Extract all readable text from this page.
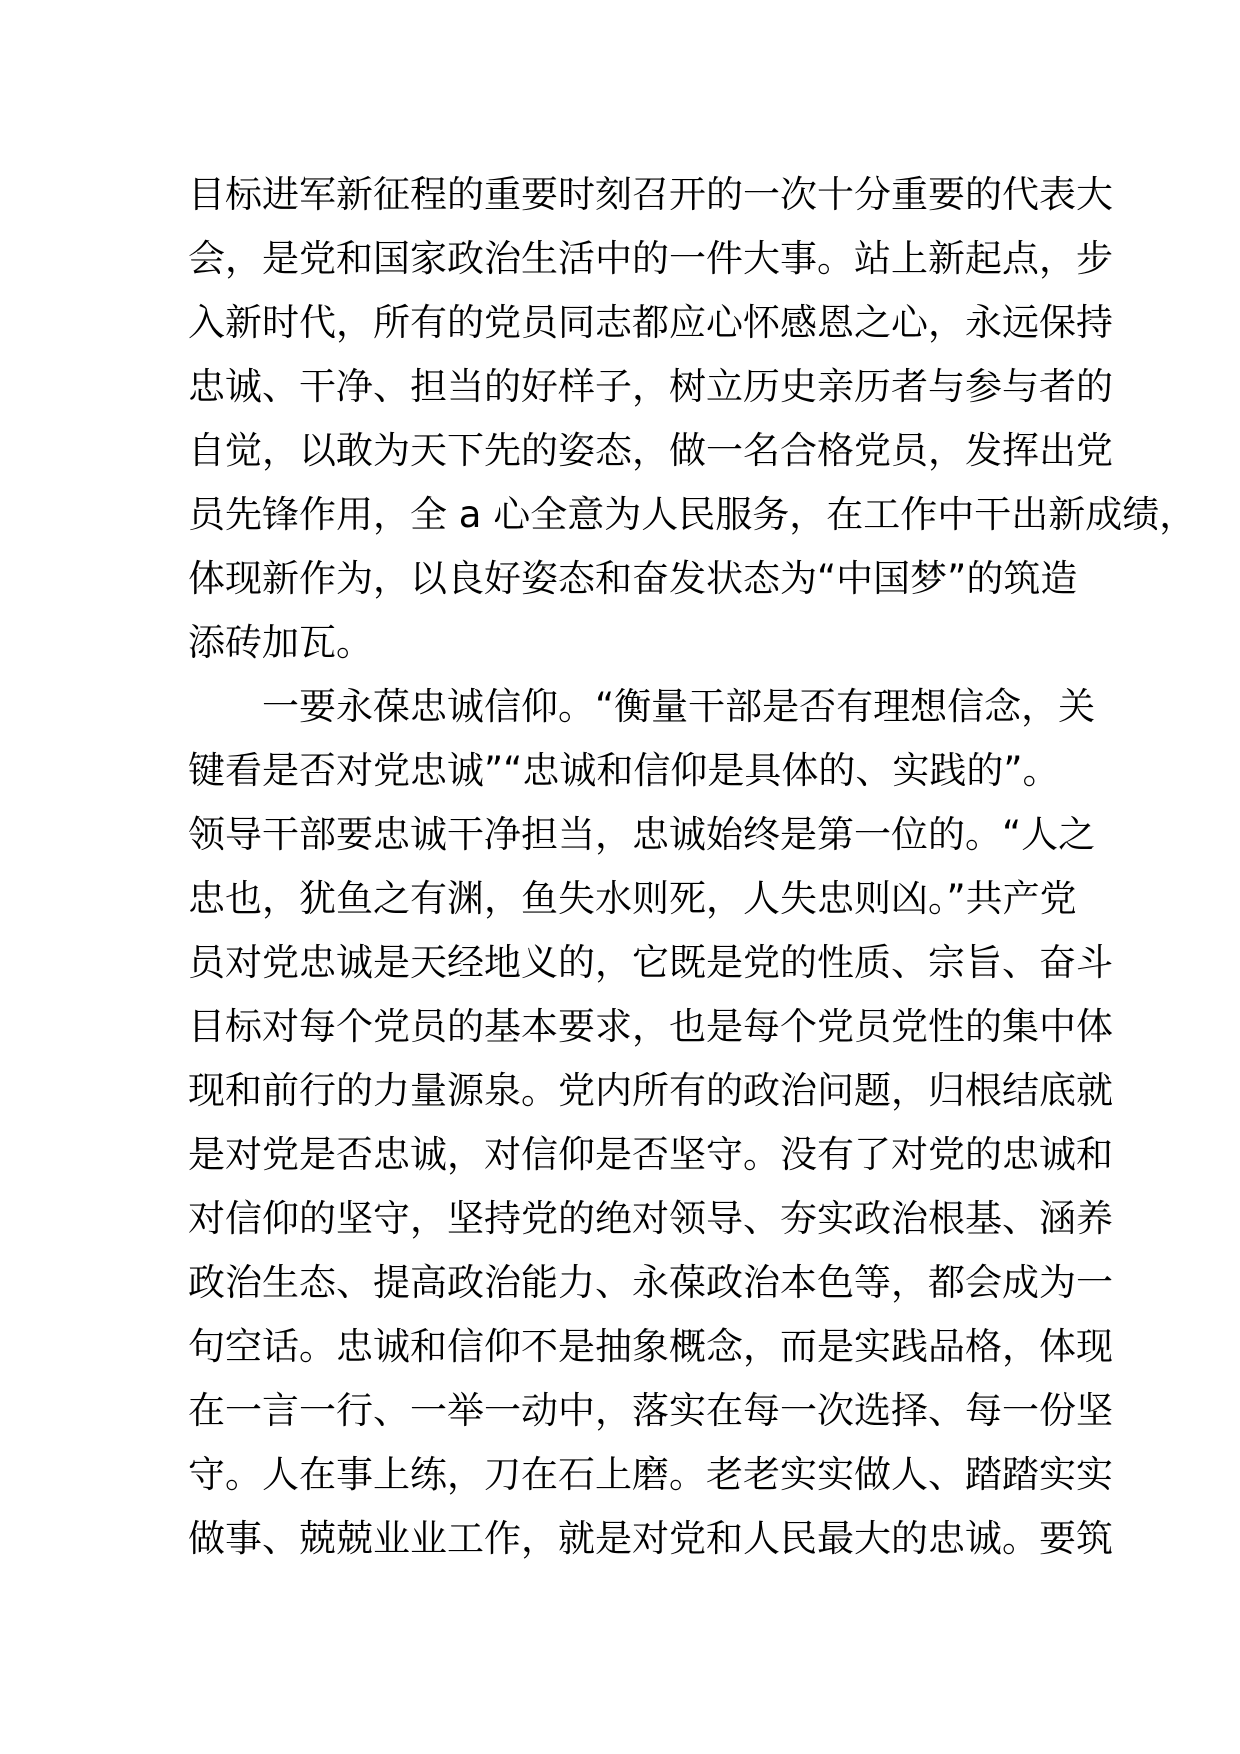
目标进军新征程的重要时刻召开的一次十分重要的代表大
会，是党和国家政治生活中的一件大事。站上新起点，步
入新时代，所有的党员同志都应心怀感恩之心，永远保持
忠诚、干净、担当的好样子，树立历史亲历者与参与者的
自觉，以敢为天下先的姿态，做一名合格党员，发挥出党
员先锋作用，全 a 心全意为人民服务，在工作中干出新成绩，
体现新作为，以良好姿态和奋发状态为“中国梦”的筑造
添砖加瓦。
　　一要永葆忠诚信仰。“衡量干部是否有理想信念，关
键看是否对党忠诚”“忠诚和信仰是具体的、实践的”。
领导干部要忠诚干净担当，忠诚始终是第一位的。“人之
忠也，犹鱼之有渊，鱼失水则死，人失忠则凶。”共产党
员对党忠诚是天经地义的，它既是党的性质、宗旨、奋斗
目标对每个党员的基本要求，也是每个党员党性的集中体
现和前行的力量源泉。党内所有的政治问题，归根结底就
是对党是否忠诚，对信仰是否坚守。没有了对党的忠诚和
对信仰的坚守，坚持党的绝对领导、夯实政治根基、涵养
政治生态、提高政治能力、永葆政治本色等，都会成为一
句空话。忠诚和信仰不是抽象概念，而是实践品格，体现
在一言一行、一举一动中，落实在每一次选择、每一份坚
守。人在事上练，刀在石上磨。老老实实做人、踏踏实实
做事、兢兢业业工作，就是对党和人民最大的忠诚。要筑
